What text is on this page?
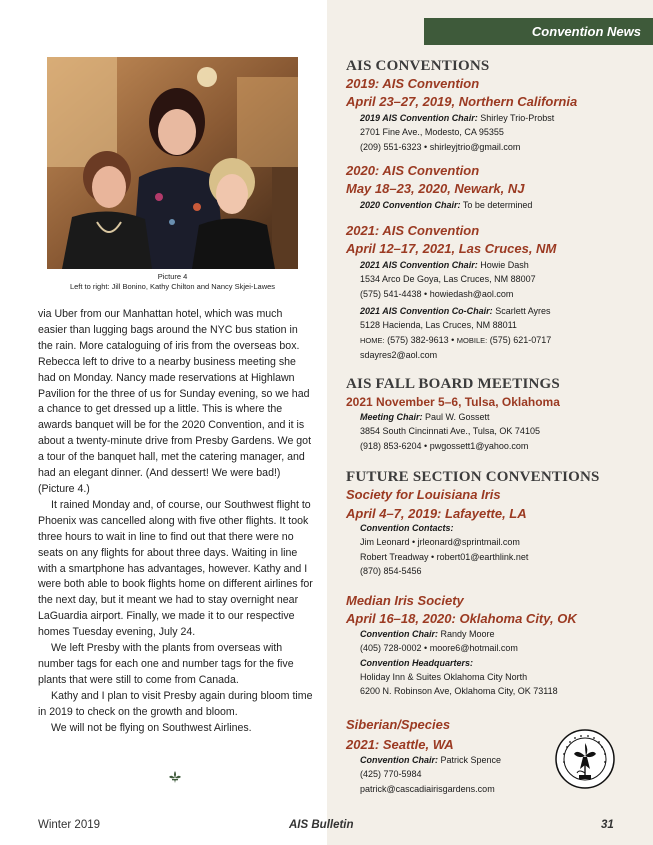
Convention News
Picture 4
Left to right: Jill Bonino, Kathy Chilton and Nancy Skjei-Lawes

via Uber from our Manhattan hotel, which was much easier than lugging bags around the NYC bus station in the rain. More cataloguing of iris from the overseas box. Rebecca left to drive to a nearby business meeting she had on Monday. Nancy made reservations at Highlawn Pavilion for the three of us for Sunday evening, so we had a chance to get dressed up a little. This is where the awards banquet will be for the 2020 Convention, and it is about a twenty-minute drive from Presby Gardens. We got a tour of the banquet hall, met the catering manager, and had an elegant dinner. (And dessert! We were bad!) (Picture 4.)

It rained Monday and, of course, our Southwest flight to Phoenix was cancelled along with five other flights. It took three hours to wait in line to find out that there were no seats on any flights for about three days. Waiting in line with a smartphone has advantages, however. Kathy and I were both able to book flights home on different airlines for the next day, but it meant we had to stay overnight near LaGuardia airport. Finally, we made it to our respective homes Tuesday evening, July 24.

We left Presby with the plants from overseas with number tags for each one and number tags for the five plants that were still to come from Canada.

Kathy and I plan to visit Presby again during bloom time in 2019 to check on the growth and bloom.

We will not be flying on Southwest Airlines.

AIS CONVENTIONS
2019: AIS Convention
April 23–27, 2019, Northern California
2019 AIS Convention Chair: Shirley Trio-Probst
2701 Fine Ave., Modesto, CA 95355
(209) 551-6323 • shirleyjtrio@gmail.com
2020: AIS Convention
May 18–23, 2020, Newark, NJ
2020 Convention Chair: To be determined
2021: AIS Convention
April 12–17, 2021, Las Cruces, NM
2021 AIS Convention Chair: Howie Dash
1534 Arco De Goya, Las Cruces, NM 88007
(575) 541-4438 • howiedash@aol.com
2021 AIS Convention Co-Chair: Scarlett Ayres
5128 Hacienda, Las Cruces, NM 88011
HOME: (575) 382-9613 • MOBILE: (575) 621-0717
sdayres2@aol.com
AIS FALL BOARD MEETINGS
2021 November 5–6, Tulsa, Oklahoma
Meeting Chair: Paul W. Gossett
3854 South Cincinnati Ave., Tulsa, OK 74105
(918) 853-6204 • pwgossett1@yahoo.com
FUTURE SECTION CONVENTIONS
Society for Louisiana Iris
April 4–7, 2019: Lafayette, LA
Convention Contacts:
Jim Leonard • jrleonard@sprintmail.com
Robert Treadway • robert01@earthlink.net
(870) 854-5456
Median Iris Society
April 16–18, 2020: Oklahoma City, OK
Convention Chair: Randy Moore
(405) 728-0002 • moore6@hotmail.com
Convention Headquarters:
Holiday Inn & Suites Oklahoma City North
6200 N. Robinson Ave, Oklahoma City, OK 73118
Siberian/Species
2021: Seattle, WA
Convention Chair: Patrick Spence
(425) 770-5984
patrick@cascadiairisgardens.com
Winter 2019	AIS Bulletin	31
